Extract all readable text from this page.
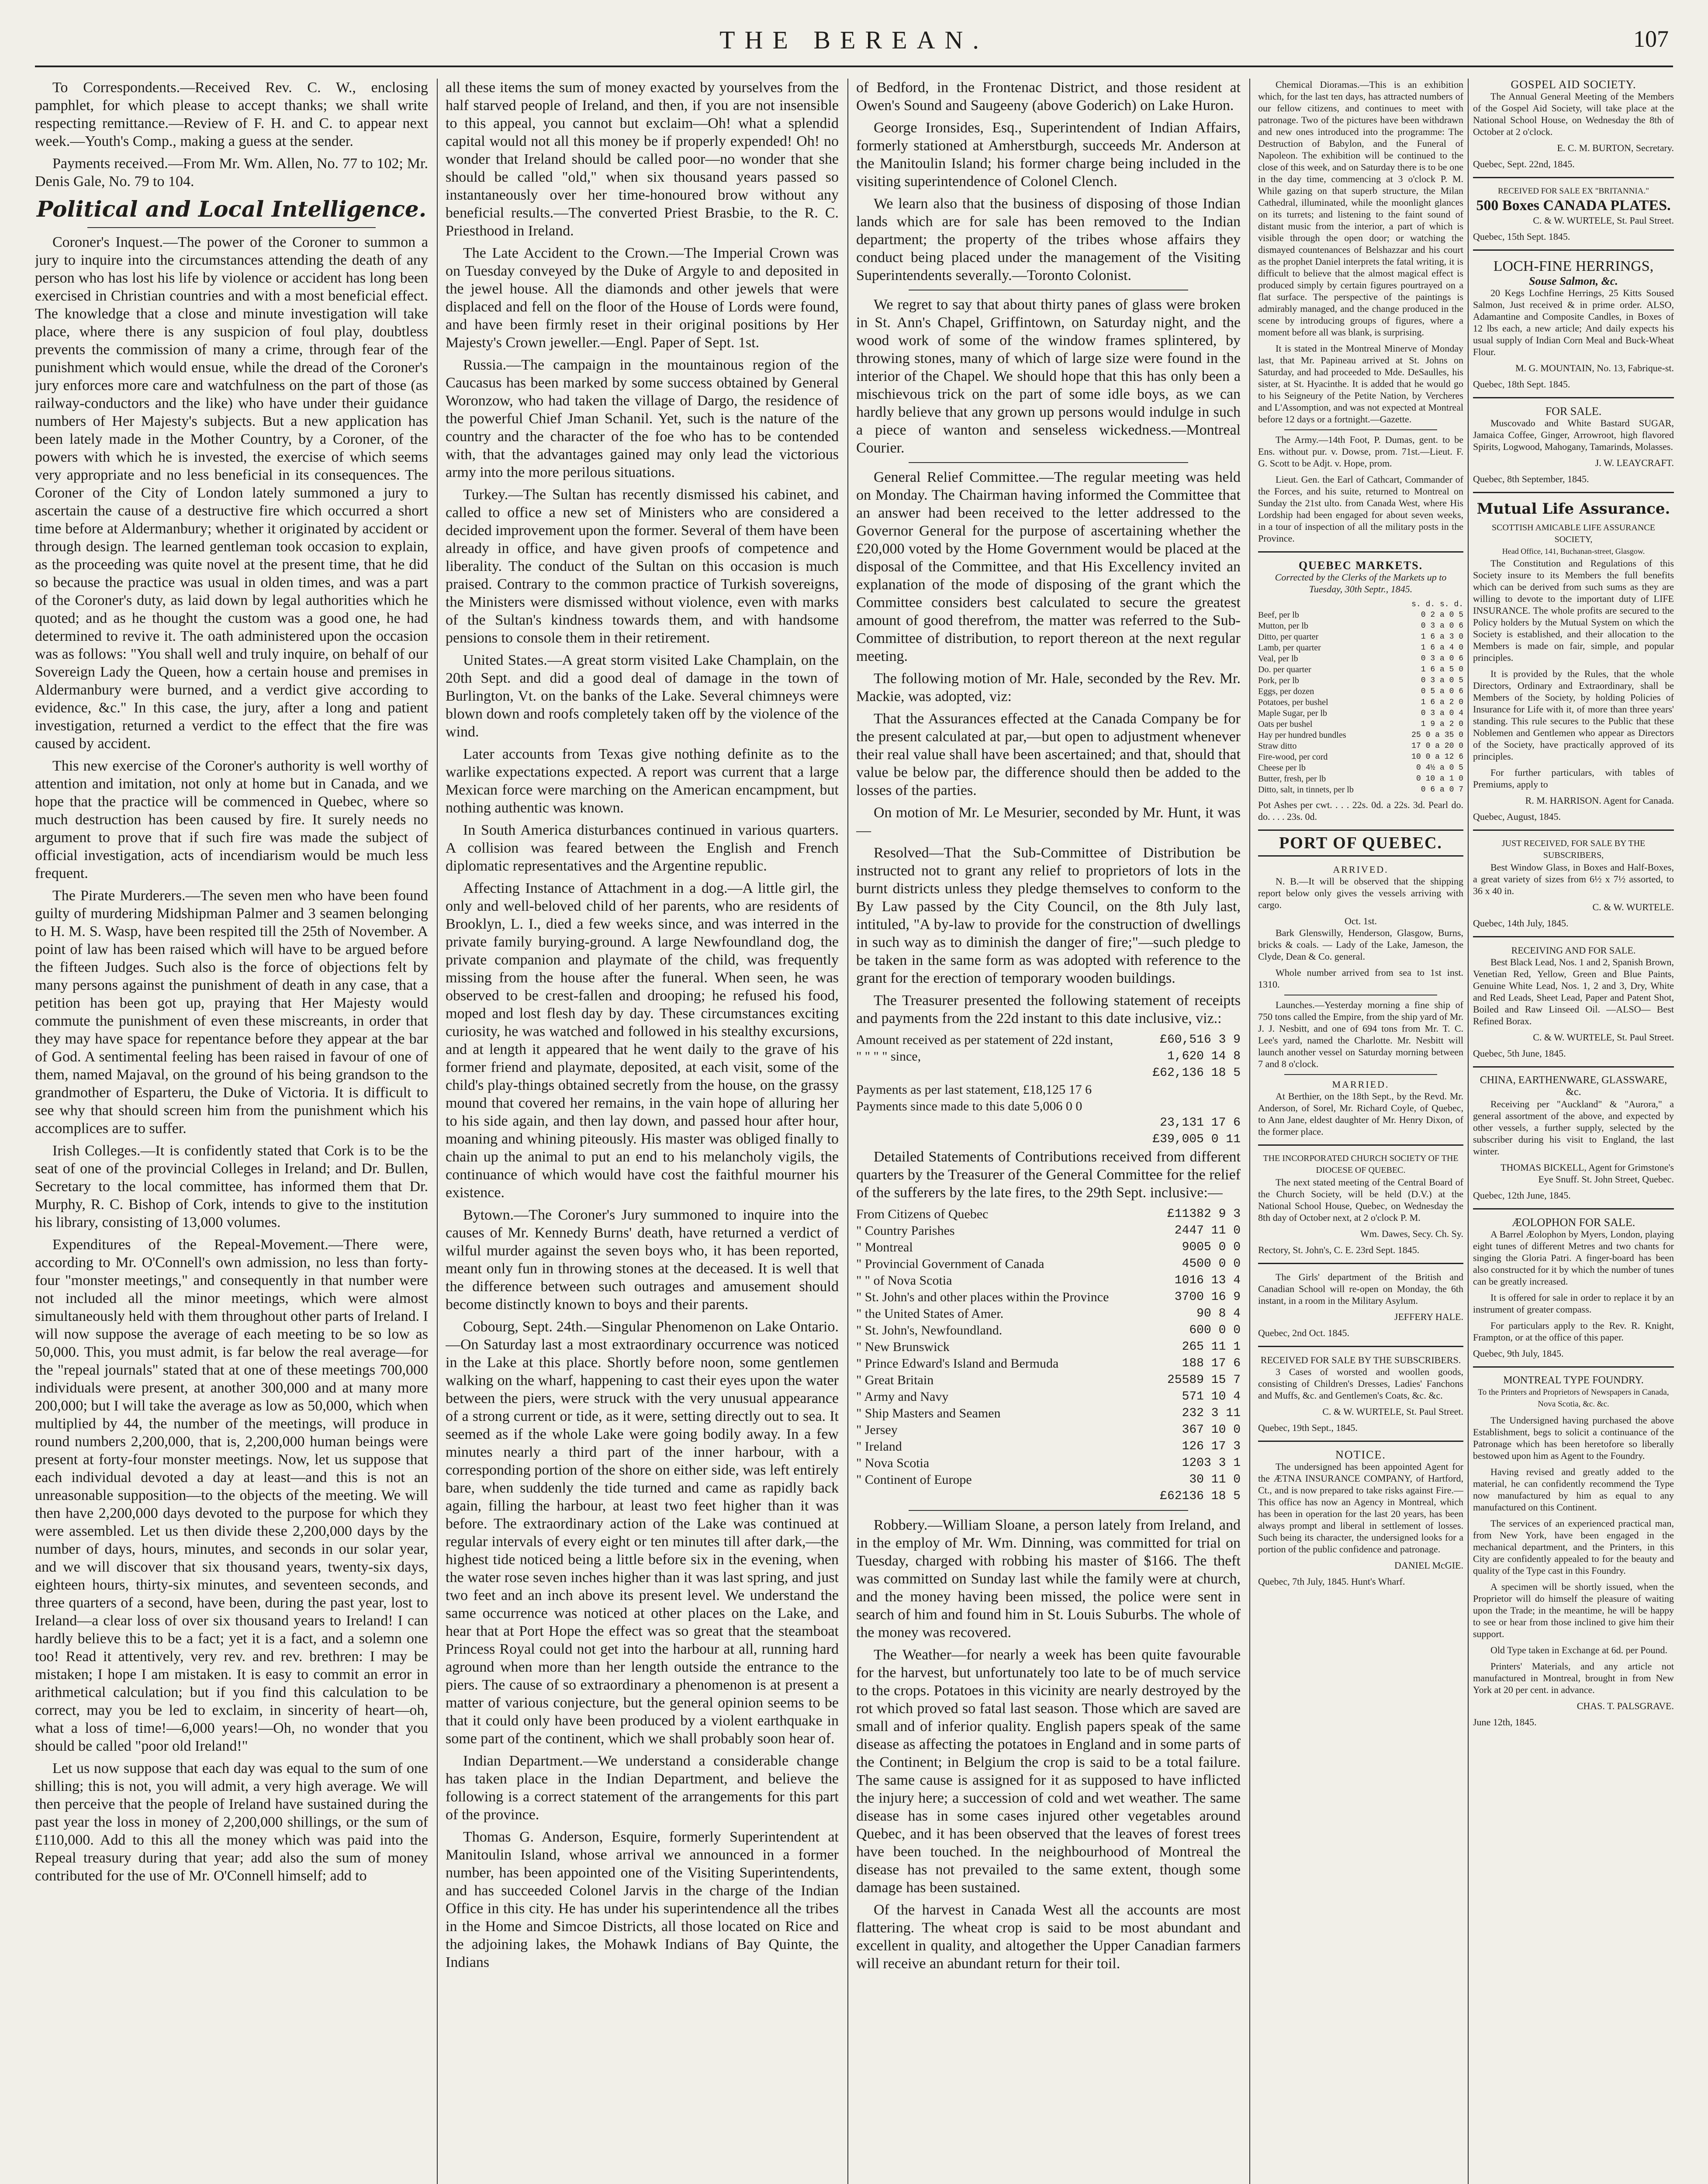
THE BEREAN.	107

To Correspondents.—Received Rev. C. W., enclosing pamphlet, for which please to accept thanks; we shall write respecting remittance.—Review of F. H. and C. to appear next week.—Youth's Comp., making a guess at the sender.

Payments received.—From Mr. Wm. Allen, No. 77 to 102; Mr. Denis Gale, No. 79 to 104.

Political and Local Intelligence.

Coroner's Inquest.—The power of the Coroner to summon a jury to inquire into the circumstances attending the death of any person who has lost his life by violence or accident has long been exercised in Christian countries and with a most beneficial effect. The knowledge that a close and minute investigation will take place, where there is any suspicion of foul play, doubtless prevents the commission of many a crime, through fear of the punishment which would ensue, while the dread of the Coroner's jury enforces more care and watchfulness on the part of those (as railway-conductors and the like) who have under their guidance numbers of Her Majesty's subjects. But a new application has been lately made in the Mother Country, by a Coroner, of the powers with which he is invested, the exercise of which seems very appropriate and no less beneficial in its consequences. The Coroner of the City of London lately summoned a jury to ascertain the cause of a destructive fire which occurred a short time before at Aldermanbury; whether it originated by accident or through design. The learned gentleman took occasion to explain, as the proceeding was quite novel at the present time, that he did so because the practice was usual in olden times, and was a part of the Coroner's duty, as laid down by legal authorities which he quoted; and as he thought the custom was a good one, he had determined to revive it. The oath administered upon the occasion was as follows: "You shall well and truly inquire, on behalf of our Sovereign Lady the Queen, how a certain house and premises in Aldermanbury were burned, and a verdict give according to evidence, &c." In this case, the jury, after a long and patient investigation, returned a verdict to the effect that the fire was caused by accident.

This new exercise of the Coroner's authority is well worthy of attention and imitation, not only at home but in Canada, and we hope that the practice will be commenced in Quebec, where so much destruction has been caused by fire. It surely needs no argument to prove that if such fire was made the subject of official investigation, acts of incendiarism would be much less frequent.

The Pirate Murderers.—The seven men who have been found guilty of murdering Midshipman Palmer and 3 seamen belonging to H. M. S. Wasp, have been respited till the 25th of November. A point of law has been raised which will have to be argued before the fifteen Judges. Such also is the force of objections felt by many persons against the punishment of death in any case, that a petition has been got up, praying that Her Majesty would commute the punishment of even these miscreants, in order that they may have space for repentance before they appear at the bar of God. A sentimental feeling has been raised in favour of one of them, named Majaval, on the ground of his being grandson to the grandmother of Esparteru, the Duke of Victoria. It is difficult to see why that should screen him from the punishment which his accomplices are to suffer.

Irish Colleges.—It is confidently stated that Cork is to be the seat of one of the provincial Colleges in Ireland; and Dr. Bullen, Secretary to the local committee, has informed them that Dr. Murphy, R. C. Bishop of Cork, intends to give to the institution his library, consisting of 13,000 volumes.

Expenditures of the Repeal-Movement.—There were, according to Mr. O'Connell's own admission, no less than forty-four "monster meetings," and consequently in that number were not included all the minor meetings, which were almost simultaneously held with them throughout other parts of Ireland. I will now suppose the average of each meeting to be so low as 50,000. This, you must admit, is far below the real average—for the "repeal journals" stated that at one of these meetings 700,000 individuals were present, at another 300,000 and at many more 200,000; but I will take the average as low as 50,000, which when multiplied by 44, the number of the meetings, will produce in round numbers 2,200,000, that is, 2,200,000 human beings were present at forty-four monster meetings. Now, let us suppose that each individual devoted a day at least—and this is not an unreasonable supposition—to the objects of the meeting. We will then have 2,200,000 days devoted to the purpose for which they were assembled. Let us then divide these 2,200,000 days by the number of days, hours, minutes, and seconds in our solar year, and we will discover that six thousand years, twenty-six days, eighteen hours, thirty-six minutes, and seventeen seconds, and three quarters of a second, have been, during the past year, lost to Ireland—a clear loss of over six thousand years to Ireland! I can hardly believe this to be a fact; yet it is a fact, and a solemn one too! Read it attentively, very rev. and rev. brethren: I may be mistaken; I hope I am mistaken. It is easy to commit an error in arithmetical calculation; but if you find this calculation to be correct, may you be led to exclaim, in sincerity of heart—oh, what a loss of time!—6,000 years!—Oh, no wonder that you should be called "poor old Ireland!"

Let us now suppose that each day was equal to the sum of one shilling; this is not, you will admit, a very high average. We will then perceive that the people of Ireland have sustained during the past year the loss in money of 2,200,000 shillings, or the sum of £110,000. Add to this all the money which was paid into the Repeal treasury during that year; add also the sum of money contributed for the use of Mr. O'Connell himself; add to

all these items the sum of money exacted by yourselves from the half starved people of Ireland, and then, if you are not insensible to this appeal, you cannot but exclaim—Oh! what a splendid capital would not all this money be if properly expended! Oh! no wonder that Ireland should be called poor—no wonder that she should be called "old," when six thousand years passed so instantaneously over her time-honoured brow without any beneficial results.—The converted Priest Brasbie, to the R. C. Priesthood in Ireland.

The Late Accident to the Crown.—The Imperial Crown was on Tuesday conveyed by the Duke of Argyle to and deposited in the jewel house. All the diamonds and other jewels that were displaced and fell on the floor of the House of Lords were found, and have been firmly reset in their original positions by Her Majesty's Crown jeweller.—Engl. Paper of Sept. 1st.

Russia.—The campaign in the mountainous region of the Caucasus has been marked by some success obtained by General Woronzow, who had taken the village of Dargo, the residence of the powerful Chief Jman Schanil. Yet, such is the nature of the country and the character of the foe who has to be contended with, that the advantages gained may only lead the victorious army into the more perilous situations.

Turkey.—The Sultan has recently dismissed his cabinet, and called to office a new set of Ministers who are considered a decided improvement upon the former. Several of them have been already in office, and have given proofs of competence and liberality. The conduct of the Sultan on this occasion is much praised. Contrary to the common practice of Turkish sovereigns, the Ministers were dismissed without violence, even with marks of the Sultan's kindness towards them, and with handsome pensions to console them in their retirement.

United States.—A great storm visited Lake Champlain, on the 20th Sept. and did a good deal of damage in the town of Burlington, Vt. on the banks of the Lake. Several chimneys were blown down and roofs completely taken off by the violence of the wind.

Later accounts from Texas give nothing definite as to the warlike expectations expected. A report was current that a large Mexican force were marching on the American encampment, but nothing authentic was known.

In South America disturbances continued in various quarters. A collision was feared between the English and French diplomatic representatives and the Argentine republic.

Affecting Instance of Attachment in a dog.—A little girl, the only and well-beloved child of her parents, who are residents of Brooklyn, L. I., died a few weeks since, and was interred in the private family burying-ground. A large Newfoundland dog, the private companion and playmate of the child, was frequently missing from the house after the funeral. When seen, he was observed to be crest-fallen and drooping; he refused his food, moped and lost flesh day by day. These circumstances exciting curiosity, he was watched and followed in his stealthy excursions, and at length it appeared that he went daily to the grave of his former friend and playmate, deposited, at each visit, some of the child's play-things obtained secretly from the house, on the grassy mound that covered her remains, in the vain hope of alluring her to his side again, and then lay down, and passed hour after hour, moaning and whining piteously. His master was obliged finally to chain up the animal to put an end to his melancholy vigils, the continuance of which would have cost the faithful mourner his existence.

Bytown.—The Coroner's Jury summoned to inquire into the causes of Mr. Kennedy Burns' death, have returned a verdict of wilful murder against the seven boys who, it has been reported, meant only fun in throwing stones at the deceased. It is well that the difference between such outrages and amusement should become distinctly known to boys and their parents.

Cobourg, Sept. 24th.—Singular Phenomenon on Lake Ontario.—On Saturday last a most extraordinary occurrence was noticed in the Lake at this place. Shortly before noon, some gentlemen walking on the wharf, happening to cast their eyes upon the water between the piers, were struck with the very unusual appearance of a strong current or tide, as it were, setting directly out to sea. It seemed as if the whole Lake were going bodily away. In a few minutes nearly a third part of the inner harbour, with a corresponding portion of the shore on either side, was left entirely bare, when suddenly the tide turned and came as rapidly back again, filling the harbour, at least two feet higher than it was before. The extraordinary action of the Lake was continued at regular intervals of every eight or ten minutes till after dark,—the highest tide noticed being a little before six in the evening, when the water rose seven inches higher than it was last spring, and just two feet and an inch above its present level. We understand the same occurrence was noticed at other places on the Lake, and hear that at Port Hope the effect was so great that the steamboat Princess Royal could not get into the harbour at all, running hard aground when more than her length outside the entrance to the piers. The cause of so extraordinary a phenomenon is at present a matter of various conjecture, but the general opinion seems to be that it could only have been produced by a violent earthquake in some part of the continent, which we shall probably soon hear of.

Indian Department.—We understand a considerable change has taken place in the Indian Department, and believe the following is a correct statement of the arrangements for this part of the province.

Thomas G. Anderson, Esquire, formerly Superintendent at Manitoulin Island, whose arrival we announced in a former number, has been appointed one of the Visiting Superintendents, and has succeeded Colonel Jarvis in the charge of the Indian Office in this city. He has under his superintendence all the tribes in the Home and Simcoe Districts, all those located on Rice and the adjoining lakes, the Mohawk Indians of Bay Quinte, the Indians

of Bedford, in the Frontenac District, and those resident at Owen's Sound and Saugeeny (above Goderich) on Lake Huron.

George Ironsides, Esq., Superintendent of Indian Affairs, formerly stationed at Amherstburgh, succeeds Mr. Anderson at the Manitoulin Island; his former charge being included in the visiting superintendence of Colonel Clench.

We learn also that the business of disposing of those Indian lands which are for sale has been removed to the Indian department; the property of the tribes whose affairs they conduct being placed under the management of the Visiting Superintendents severally.—Toronto Colonist.

We regret to say that about thirty panes of glass were broken in St. Ann's Chapel, Griffintown, on Saturday night, and the wood work of some of the window frames splintered, by throwing stones, many of which of large size were found in the interior of the Chapel. We should hope that this has only been a mischievous trick on the part of some idle boys, as we can hardly believe that any grown up persons would indulge in such a piece of wanton and senseless wickedness.—Montreal Courier.

General Relief Committee.—The regular meeting was held on Monday. The Chairman having informed the Committee that an answer had been received to the letter addressed to the Governor General for the purpose of ascertaining whether the £20,000 voted by the Home Government would be placed at the disposal of the Committee, and that His Excellency invited an explanation of the mode of disposing of the grant which the Committee considers best calculated to secure the greatest amount of good therefrom, the matter was referred to the Sub-Committee of distribution, to report thereon at the next regular meeting.

The following motion of Mr. Hale, seconded by the Rev. Mr. Mackie, was adopted, viz:

That the Assurances effected at the Canada Company be for the present calculated at par,—but open to adjustment whenever their real value shall have been ascertained; and that, should that value be below par, the difference should then be added to the losses of the parties.

On motion of Mr. Le Mesurier, seconded by Mr. Hunt, it was—

Resolved—That the Sub-Committee of Distribution be instructed not to grant any relief to proprietors of lots in the burnt districts unless they pledge themselves to conform to the By Law passed by the City Council, on the 8th July last, intituled, "A by-law to provide for the construction of dwellings in such way as to diminish the danger of fire;"—such pledge to be taken in the same form as was adopted with reference to the grant for the erection of temporary wooden buildings.

The Treasurer presented the following statement of receipts and payments from the 22d instant to this date inclusive, viz.:

Amount received as per statement of 22d instant,	£60,516 3 9
" " " " since,	1,620 14 8
£62,136 18 5
Payments as per last statement, £18,125 17 6
Payments since made to this date 5,006 0 0
23,131 17 6
£39,005 0 11

Detailed Statements of Contributions received from different quarters by the Treasurer of the General Committee for the relief of the sufferers by the late fires, to the 29th Sept. inclusive:—

From Citizens of Quebec	£11382 9 3
" Country Parishes	2447 11 0
" Montreal	9005 0 0
" Provincial Government of Canada	4500 0 0
" " of Nova Scotia	1016 13 4
" St. John's and other places within the Province	3700 16 9
" the United States of Amer.	90 8 4
" St. John's, Newfoundland.	600 0 0
" New Brunswick	265 11 1
" Prince Edward's Island and Bermuda	188 17 6
" Great Britain	25589 15 7
" Army and Navy	571 10 4
" Ship Masters and Seamen	232 3 11
" Jersey	367 10 0
" Ireland	126 17 3
" Nova Scotia	1203 3 1
" Continent of Europe	30 11 0
£62136 18 5

Robbery.—William Sloane, a person lately from Ireland, and in the employ of Mr. Wm. Dinning, was committed for trial on Tuesday, charged with robbing his master of $166. The theft was committed on Sunday last while the family were at church, and the money having been missed, the police were sent in search of him and found him in St. Louis Suburbs. The whole of the money was recovered.

The Weather—for nearly a week has been quite favourable for the harvest, but unfortunately too late to be of much service to the crops. Potatoes in this vicinity are nearly destroyed by the rot which proved so fatal last season. Those which are saved are small and of inferior quality. English papers speak of the same disease as affecting the potatoes in England and in some parts of the Continent; in Belgium the crop is said to be a total failure. The same cause is assigned for it as supposed to have inflicted the injury here; a succession of cold and wet weather. The same disease has in some cases injured other vegetables around Quebec, and it has been observed that the leaves of forest trees have been touched. In the neighbourhood of Montreal the disease has not prevailed to the same extent, though some damage has been sustained.

Of the harvest in Canada West all the accounts are most flattering. The wheat crop is said to be most abundant and excellent in quality, and altogether the Upper Canadian farmers will receive an abundant return for their toil.

Chemical Dioramas.—This is an exhibition which, for the last ten days, has attracted numbers of our fellow citizens, and continues to meet with patronage. Two of the pictures have been withdrawn and new ones introduced into the programme: The Destruction of Babylon, and the Funeral of Napoleon. The exhibition will be continued to the close of this week, and on Saturday there is to be one in the day time, commencing at 3 o'clock P. M. While gazing on that superb structure, the Milan Cathedral, illuminated, while the moonlight glances on its turrets; and listening to the faint sound of distant music from the interior, a part of which is visible through the open door; or watching the dismayed countenances of Belshazzar and his court as the prophet Daniel interprets the fatal writing, it is difficult to believe that the almost magical effect is produced simply by certain figures pourtrayed on a flat surface. The perspective of the paintings is admirably managed, and the change produced in the scene by introducing groups of figures, where a moment before all was blank, is surprising.

It is stated in the Montreal Minerve of Monday last, that Mr. Papineau arrived at St. Johns on Saturday, and had proceeded to Mde. DeSaulles, his sister, at St. Hyacinthe. It is added that he would go to his Seigneury of the Petite Nation, by Vercheres and L'Assomption, and was not expected at Montreal before 12 days or a fortnight.—Gazette.

The Army.—14th Foot, P. Dumas, gent. to be Ens. without pur. v. Dowse, prom. 71st.—Lieut. F. G. Scott to be Adjt. v. Hope, prom.

Lieut. Gen. the Earl of Cathcart, Commander of the Forces, and his suite, returned to Montreal on Sunday the 21st ulto. from Canada West, where His Lordship had been engaged for about seven weeks, in a tour of inspection of all the military posts in the Province.

QUEBEC MARKETS.

Corrected by the Clerks of the Markets up to Tuesday, 30th Septr., 1845.

s. d. s. d.
Beef, per lb	0 2 a 0 5
Mutton, per lb	0 3 a 0 6
Ditto, per quarter	1 6 a 3 0
Lamb, per quarter	1 6 a 4 0
Veal, per lb	0 3 a 0 6
Do. per quarter	1 6 a 5 0
Pork, per lb	0 3 a 0 5
Eggs, per dozen	0 5 a 0 6
Potatoes, per bushel	1 6 a 2 0
Maple Sugar, per lb	0 3 a 0 4
Oats per bushel	1 9 a 2 0
Hay per hundred bundles	25 0 a 35 0
Straw ditto	17 0 a 20 0
Fire-wood, per cord	10 0 a 12 6
Cheese per lb	0 4½ a 0 5
Butter, fresh, per lb	0 10 a 1 0
Ditto, salt, in tinnets, per lb	0 6 a 0 7

Pot Ashes per cwt. . . . 22s. 0d. a 22s. 3d. Pearl do. do. . . . 23s. 0d.

PORT OF QUEBEC.
ARRIVED.

N. B.—It will be observed that the shipping report below only gives the vessels arriving with cargo.

Oct. 1st.

Bark Glenswilly, Henderson, Glasgow, Burns, bricks & coals. — Lady of the Lake, Jameson, the Clyde, Dean & Co. general.

Whole number arrived from sea to 1st inst. 1310.

Launches.—Yesterday morning a fine ship of 750 tons called the Empire, from the ship yard of Mr. J. J. Nesbitt, and one of 694 tons from Mr. T. C. Lee's yard, named the Charlotte. Mr. Nesbitt will launch another vessel on Saturday morning between 7 and 8 o'clock.

MARRIED.

At Berthier, on the 18th Sept., by the Revd. Mr. Anderson, of Sorel, Mr. Richard Coyle, of Quebec, to Ann Jane, eldest daughter of Mr. Henry Dixon, of the former place.

THE INCORPORATED CHURCH SOCIETY OF THE DIOCESE OF QUEBEC.

The next stated meeting of the Central Board of the Church Society, will be held (D.V.) at the National School House, Quebec, on Wednesday the 8th day of October next, at 2 o'clock P. M.

Wm. Dawes, Secy. Ch. Sy.

Rectory, St. John's, C. E. 23rd Sept. 1845.

The Girls' department of the British and Canadian School will re-open on Monday, the 6th instant, in a room in the Military Asylum.

JEFFERY HALE.

Quebec, 2nd Oct. 1845.

RECEIVED FOR SALE BY THE SUBSCRIBERS.

3 Cases of worsted and woollen goods, consisting of Children's Dresses, Ladies' Fanchons and Muffs, &c. and Gentlemen's Coats, &c. &c.

C. & W. WURTELE, St. Paul Street.

Quebec, 19th Sept., 1845.

NOTICE.

The undersigned has been appointed Agent for the ÆTNA INSURANCE COMPANY, of Hartford, Ct., and is now prepared to take risks against Fire.—This office has now an Agency in Montreal, which has been in operation for the last 20 years, has been always prompt and liberal in settlement of losses. Such being its character, the undersigned looks for a portion of the public confidence and patronage.

DANIEL McGIE.

Quebec, 7th July, 1845. Hunt's Wharf.

GOSPEL AID SOCIETY.

The Annual General Meeting of the Members of the Gospel Aid Society, will take place at the National School House, on Wednesday the 8th of October at 2 o'clock.

E. C. M. BURTON, Secretary.

Quebec, Sept. 22nd, 1845.

RECEIVED FOR SALE EX "BRITANNIA."
500 Boxes CANADA PLATES.

C. & W. WURTELE, St. Paul Street.

Quebec, 15th Sept. 1845.

LOCH-FINE HERRINGS,
Souse Salmon, &c.

20 Kegs Lochfine Herrings, 25 Kitts Soused Salmon, Just received & in prime order. ALSO, Adamantine and Composite Candles, in Boxes of 12 lbs each, a new article; And daily expects his usual supply of Indian Corn Meal and Buck-Wheat Flour.

M. G. MOUNTAIN, No. 13, Fabrique-st.

Quebec, 18th Sept. 1845.

FOR SALE.

Muscovado and White Bastard SUGAR, Jamaica Coffee, Ginger, Arrowroot, high flavored Spirits, Logwood, Mahogany, Tamarinds, Molasses.

J. W. LEAYCRAFT.

Quebec, 8th September, 1845.

Mutual Life Assurance.
SCOTTISH AMICABLE LIFE ASSURANCE SOCIETY,
Head Office, 141, Buchanan-street, Glasgow.

The Constitution and Regulations of this Society insure to its Members the full benefits which can be derived from such sums as they are willing to devote to the important duty of LIFE INSURANCE. The whole profits are secured to the Policy holders by the Mutual System on which the Society is established, and their allocation to the Members is made on fair, simple, and popular principles.

It is provided by the Rules, that the whole Directors, Ordinary and Extraordinary, shall be Members of the Society, by holding Policies of Insurance for Life with it, of more than three years' standing. This rule secures to the Public that these Noblemen and Gentlemen who appear as Directors of the Society, have practically approved of its principles.

For further particulars, with tables of Premiums, apply to

R. M. HARRISON. Agent for Canada.

Quebec, August, 1845.

JUST RECEIVED, FOR SALE BY THE SUBSCRIBERS,

Best Window Glass, in Boxes and Half-Boxes, a great variety of sizes from 6½ x 7½ assorted, to 36 x 40 in.

C. & W. WURTELE.

Quebec, 14th July, 1845.

RECEIVING AND FOR SALE.

Best Black Lead, Nos. 1 and 2, Spanish Brown, Venetian Red, Yellow, Green and Blue Paints, Genuine White Lead, Nos. 1, 2 and 3, Dry, White and Red Leads, Sheet Lead, Paper and Patent Shot, Boiled and Raw Linseed Oil. —ALSO— Best Refined Borax.

C. & W. WURTELE, St. Paul Street.

Quebec, 5th June, 1845.

CHINA, EARTHENWARE, GLASSWARE, &c.

Receiving per "Auckland" & "Aurora," a general assortment of the above, and expected by other vessels, a further supply, selected by the subscriber during his visit to England, the last winter.

THOMAS BICKELL, Agent for Grimstone's Eye Snuff. St. John Street, Quebec.

Quebec, 12th June, 1845.

ÆOLOPHON FOR SALE.

A Barrel Æolophon by Myers, London, playing eight tunes of different Metres and two chants for singing the Gloria Patri. A finger-board has been also constructed for it by which the number of tunes can be greatly increased.

It is offered for sale in order to replace it by an instrument of greater compass.

For particulars apply to the Rev. R. Knight, Frampton, or at the office of this paper.

Quebec, 9th July, 1845.

MONTREAL TYPE FOUNDRY.

To the Printers and Proprietors of Newspapers in Canada, Nova Scotia, &c. &c.

The Undersigned having purchased the above Establishment, begs to solicit a continuance of the Patronage which has been heretofore so liberally bestowed upon him as Agent to the Foundry.

Having revised and greatly added to the material, he can confidently recommend the Type now manufactured by him as equal to any manufactured on this Continent.

The services of an experienced practical man, from New York, have been engaged in the mechanical department, and the Printers, in this City are confidently appealed to for the beauty and quality of the Type cast in this Foundry.

A specimen will be shortly issued, when the Proprietor will do himself the pleasure of waiting upon the Trade; in the meantime, he will be happy to see or hear from those inclined to give him their support.

Old Type taken in Exchange at 6d. per Pound.

Printers' Materials, and any article not manufactured in Montreal, brought in from New York at 20 per cent. in advance.

CHAS. T. PALSGRAVE.

June 12th, 1845.
